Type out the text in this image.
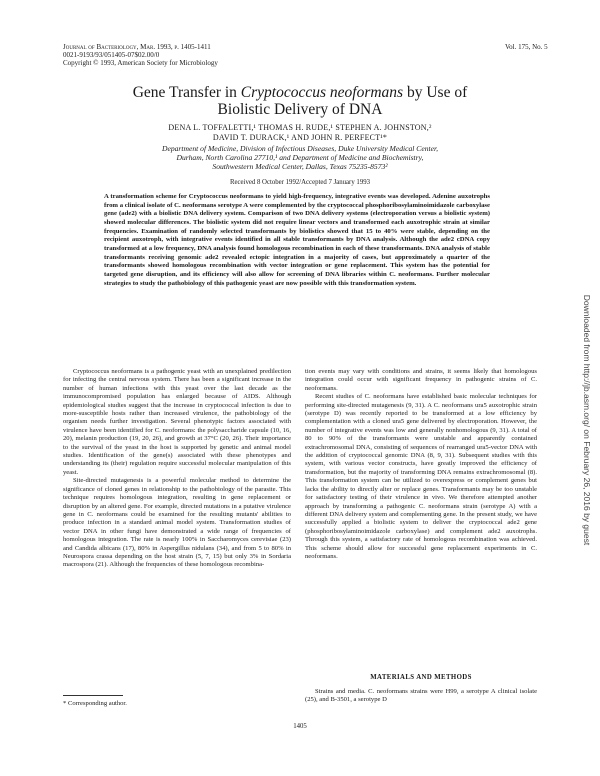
Journal of Bacteriology, Mar. 1993, p. 1405-1411
0021-9193/93/051405-07$02.00/0
Copyright © 1993, American Society for Microbiology
Vol. 175, No. 5
Gene Transfer in Cryptococcus neoformans by Use of
Biolistic Delivery of DNA
DENA L. TOFFALETTI,¹ THOMAS H. RUDE,¹ STEPHEN A. JOHNSTON,²
DAVID T. DURACK,¹ AND JOHN R. PERFECT¹*
Department of Medicine, Division of Infectious Diseases, Duke University Medical Center,
Durham, North Carolina 27710,¹ and Department of Medicine and Biochemistry,
Southwestern Medical Center, Dallas, Texas 75235-8573²
Received 8 October 1992/Accepted 7 January 1993
A transformation scheme for Cryptococcus neoformans to yield high-frequency, integrative events was developed. Adenine auxotrophs from a clinical isolate of C. neoformans serotype A were complemented by the cryptococcal phosphoribosylaminoimidazole carboxylase gene (ade2) with a biolistic DNA delivery system. Comparison of two DNA delivery systems (electroporation versus a biolistic system) showed molecular differences. The biolistic system did not require linear vectors and transformed each auxotrophic strain at similar frequencies. Examination of randomly selected transformants by biolistics showed that 15 to 40% were stable, depending on the recipient auxotroph, with integrative events identified in all stable transformants by DNA analysis. Although the ade2 cDNA copy transformed at a low frequency, DNA analysis found homologous recombination in each of these transformants. DNA analysis of stable transformants receiving genomic ade2 revealed ectopic integration in a majority of cases, but approximately a quarter of the transformants showed homologous recombination with vector integration or gene replacement. This system has the potential for targeted gene disruption, and its efficiency will also allow for screening of DNA libraries within C. neoformans. Further molecular strategies to study the pathobiology of this pathogenic yeast are now possible with this transformation system.

Cryptococcus neoformans is a pathogenic yeast with an unexplained predilection for infecting the central nervous system. There has been a significant increase in the number of human infections with this yeast over the last decade as the immunocompromised population has enlarged because of AIDS. Although epidemiological studies suggest that the increase in cryptococcal infection is due to more-susceptible hosts rather than increased virulence, the pathobiology of the organism needs further investigation. Several phenotypic factors associated with virulence have been identified for C. neoformans: the polysaccharide capsule (10, 16, 20), melanin production (19, 20, 26), and growth at 37°C (20, 26). Their importance to the survival of the yeast in the host is supported by genetic and animal model studies. Identification of the gene(s) associated with these phenotypes and understanding its (their) regulation require successful molecular manipulation of this yeast.

Site-directed mutagenesis is a powerful molecular method to determine the significance of cloned genes in relationship to the pathobiology of the parasite. This technique requires homologous integration, resulting in gene replacement or disruption by an altered gene. For example, directed mutations in a putative virulence gene in C. neoformans could be examined for the resulting mutants' abilities to produce infection in a standard animal model system. Transformation studies of vector DNA in other fungi have demonstrated a wide range of frequencies of homologous integration. The rate is nearly 100% in Saccharomyces cerevisiae (23) and Candida albicans (17), 80% in Aspergillus nidulans (34), and from 5 to 80% in Neurospora crassa depending on the host strain (5, 7, 15) but only 3% in Sordaria macrospora (21). Although the frequencies of these homologous recombina-

tion events may vary with conditions and strains, it seems likely that homologous integration could occur with significant frequency in pathogenic strains of C. neoformans.

Recent studies of C. neoformans have established basic molecular techniques for performing site-directed mutagenesis (9, 31). A C. neoformans ura5 auxotrophic strain (serotype D) was recently reported to be transformed at a low efficiency by complementation with a cloned ura5 gene delivered by electroporation. However, the number of integrative events was low and generally nonhomologous (9, 31). A total of 80 to 90% of the transformants were unstable and apparently contained extrachromosomal DNA, consisting of sequences of rearranged ura5-vector DNA with the addition of cryptococcal genomic DNA (8, 9, 31). Subsequent studies with this system, with various vector constructs, have greatly improved the efficiency of transformation, but the majority of transforming DNA remains extrachromosomal (8). This transformation system can be utilized to overexpress or complement genes but lacks the ability to directly alter or replace genes. Transformants may be too unstable for satisfactory testing of their virulence in vivo. We therefore attempted another approach by transforming a pathogenic C. neoformans strain (serotype A) with a different DNA delivery system and complementing gene. In the present study, we have successfully applied a biolistic system to deliver the cryptococcal ade2 gene (phosphoribosylaminoimidazole carboxylase) and complement ade2 auxotrophs. Through this system, a satisfactory rate of homologous recombination was achieved. This scheme should allow for successful gene replacement experiments in C. neoformans.

MATERIALS AND METHODS

Strains and media. C. neoformans strains were H99, a serotype A clinical isolate (25), and B-3501, a serotype D

* Corresponding author.
1405
Downloaded from http://jb.asm.org/ on February 26, 2016 by guest
